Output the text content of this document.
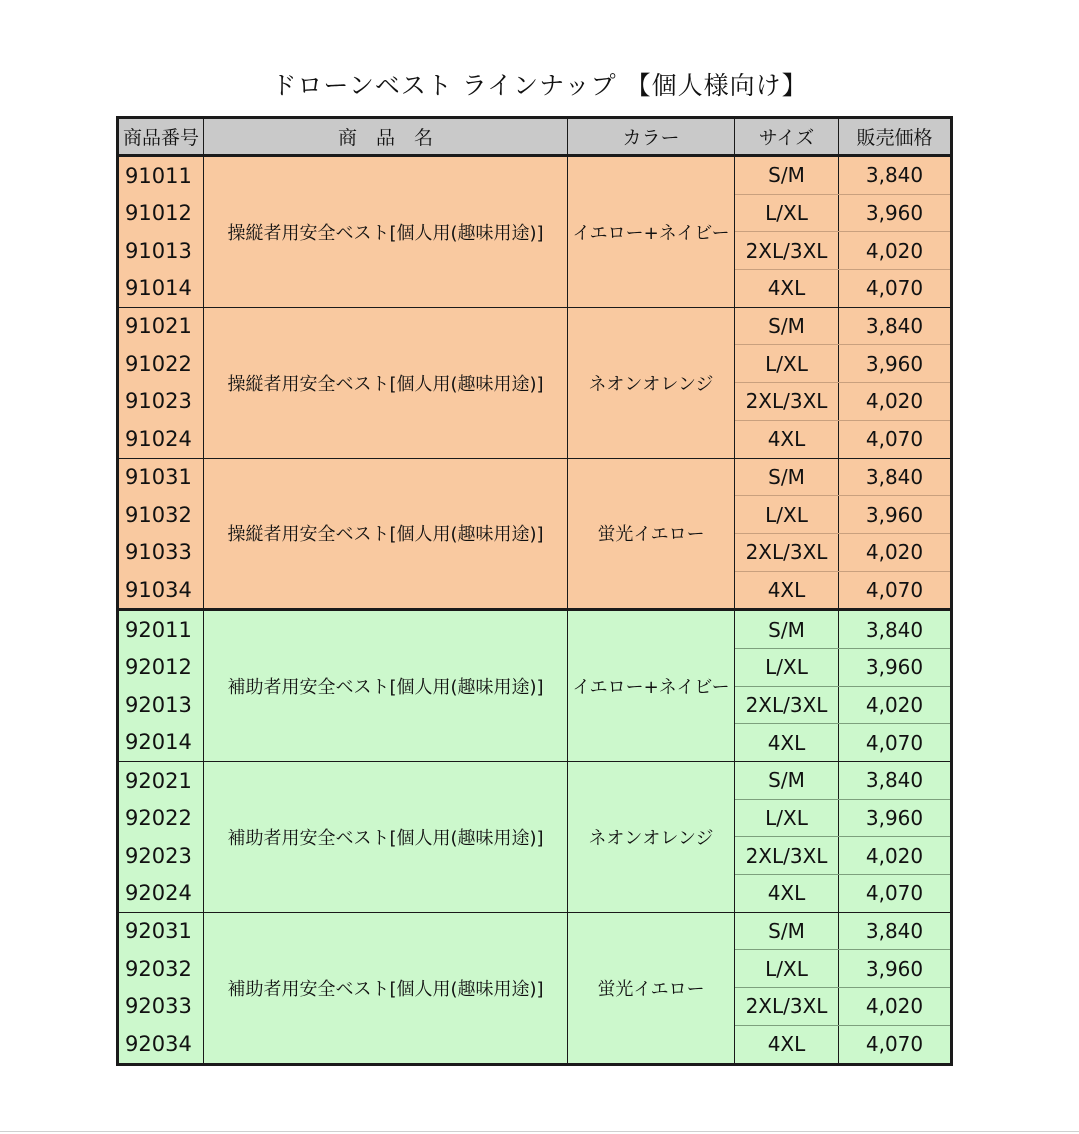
ドローンベスト ラインナップ 【個人様向け】
商品番号	商　品　名	カラー	サイズ	販売価格
91011	操縦者用安全ベスト[個人用(趣味用途)]	イエロー+ネイビー	S/M	3,840
91012			L/XL	3,960
91013			2XL/3XL	4,020
91014			4XL	4,070
91021	操縦者用安全ベスト[個人用(趣味用途)]	ネオンオレンジ	S/M	3,840
91022			L/XL	3,960
91023			2XL/3XL	4,020
91024			4XL	4,070
91031	操縦者用安全ベスト[個人用(趣味用途)]	蛍光イエロー	S/M	3,840
91032			L/XL	3,960
91033			2XL/3XL	4,020
91034			4XL	4,070
92011	補助者用安全ベスト[個人用(趣味用途)]	イエロー+ネイビー	S/M	3,840
92012			L/XL	3,960
92013			2XL/3XL	4,020
92014			4XL	4,070
92021	補助者用安全ベスト[個人用(趣味用途)]	ネオンオレンジ	S/M	3,840
92022			L/XL	3,960
92023			2XL/3XL	4,020
92024			4XL	4,070
92031	補助者用安全ベスト[個人用(趣味用途)]	蛍光イエロー	S/M	3,840
92032			L/XL	3,960
92033			2XL/3XL	4,020
92034			4XL	4,070
